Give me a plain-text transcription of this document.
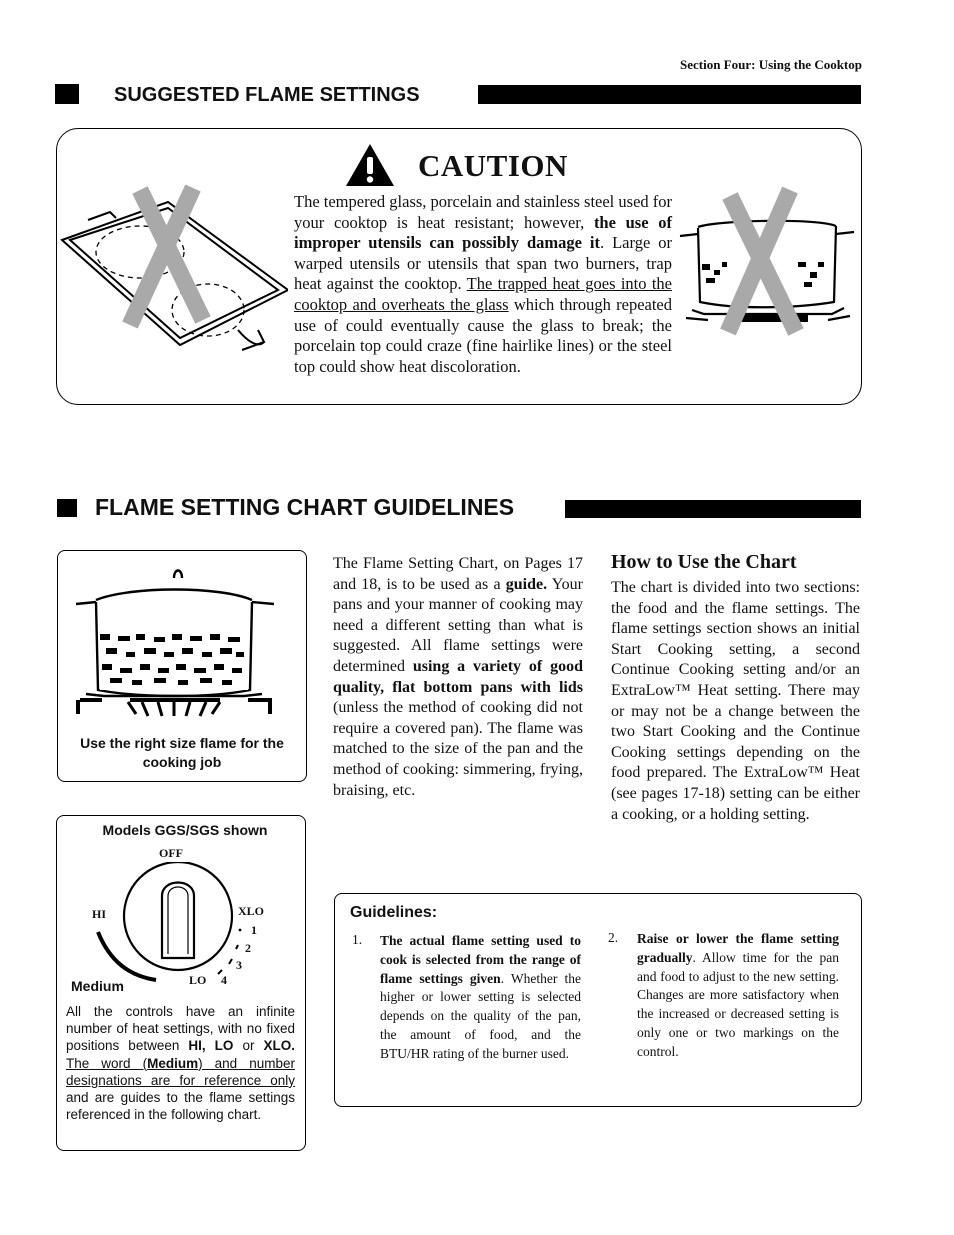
Section Four: Using the Cooktop
SUGGESTED FLAME SETTINGS
CAUTION
The tempered glass, porcelain and stainless steel used for your cooktop is heat resistant; however, the use of improper utensils can possibly damage it. Large or warped utensils or utensils that span two burners, trap heat against the cooktop. The trapped heat goes into the cooktop and overheats the glass which through repeated use of could eventually cause the glass to break; the porcelain top could craze (fine hairlike lines) or the steel top could show heat discoloration.
FLAME SETTING CHART GUIDELINES
Use the right size flame for the cooking job
Models GGS/SGS shown
OFF
HI	XLO
1
2
3
LO 4
Medium
All the controls have an infinite number of heat settings, with no fixed positions between HI, LO or XLO. The word (Medium) and number designations are for reference only and are guides to the flame settings referenced in the following chart.
The Flame Setting Chart, on Pages 17 and 18, is to be used as a guide. Your pans and your manner of cooking may need a different setting than what is suggested. All flame settings were determined using a variety of good quality, flat bottom pans with lids (unless the method of cooking did not require a covered pan). The flame was matched to the size of the pan and the method of cooking: simmering, frying, braising, etc.
How to Use the Chart
The chart is divided into two sections: the food and the flame settings. The flame settings section shows an initial Start Cooking setting, a second Continue Cooking setting and/or an ExtraLow™ Heat setting. There may or may not be a change between the two Start Cooking and the Continue Cooking settings depending on the food prepared. The ExtraLow™ Heat (see pages 17-18) setting can be either a cooking, or a holding setting.
Guidelines:
1. The actual flame setting used to cook is selected from the range of flame settings given. Whether the higher or lower setting is selected depends on the quality of the pan, the amount of food, and the BTU/HR rating of the burner used.
2. Raise or lower the flame setting gradually. Allow time for the pan and food to adjust to the new setting. Changes are more satisfactory when the increased or decreased setting is only one or two markings on the control.
